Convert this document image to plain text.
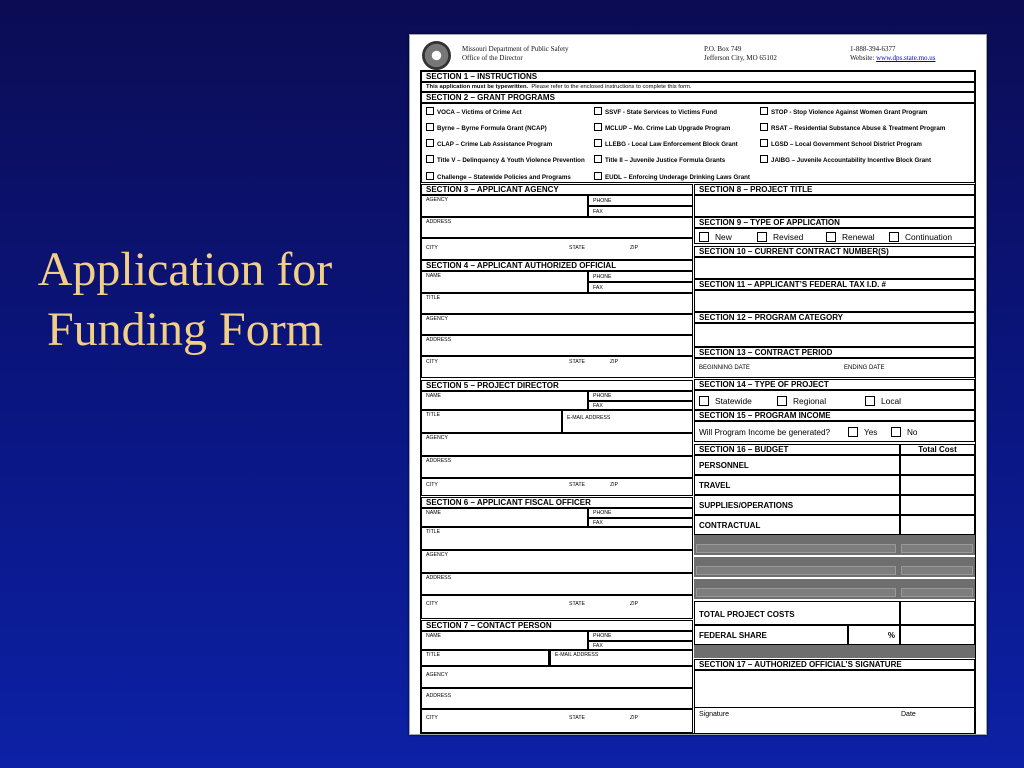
Application for
Funding Form
Missouri Department of Public Safety
Office of the Director
P.O. Box 749
Jefferson City, MO 65102
1-888-394-6377
Website: www.dps.state.mo.us
SECTION 1 – INSTRUCTIONS
This application must be typewritten. Please refer to the enclosed instructions to complete this form.
SECTION 2 – GRANT PROGRAMS
VOCA – Victims of Crime Act	SSVF - State Services to Victims Fund	STOP - Stop Violence Against Women Grant Program
Byrne – Byrne Formula Grant (NCAP)	MCLUP – Mo. Crime Lab Upgrade Program	RSAT – Residential Substance Abuse & Treatment Program
CLAP – Crime Lab Assistance Program	LLEBG - Local Law Enforcement Block Grant	LGSD – Local Government School District Program
Title V – Delinquency & Youth Violence Prevention	Title II – Juvenile Justice Formula Grants	JAIBG – Juvenile Accountability Incentive Block Grant
Challenge – Statewide Policies and Programs	EUDL – Enforcing Underage Drinking Laws Grant
SECTION 3 – APPLICANT AGENCY
AGENCY	PHONE
FAX
ADDRESS
CITY	STATE	ZIP
SECTION 4 – APPLICANT AUTHORIZED OFFICIAL
NAME	PHONE
FAX
TITLE
AGENCY
ADDRESS
CITY	STATE	ZIP
SECTION 5 – PROJECT DIRECTOR
NAME	PHONE
FAX
TITLE	E-MAIL ADDRESS
AGENCY
ADDRESS
CITY	STATE	ZIP
SECTION 6 – APPLICANT FISCAL OFFICER
NAME	PHONE
FAX
TITLE
AGENCY
ADDRESS
CITY	STATE	ZIP
SECTION 7 – CONTACT PERSON
NAME	PHONE
FAX
TITLE	E-MAIL ADDRESS
AGENCY
ADDRESS
CITY	STATE	ZIP
SECTION 8 – PROJECT TITLE
SECTION 9 – TYPE OF APPLICATION
New	Revised	Renewal	Continuation
SECTION 10 – CURRENT CONTRACT NUMBER(S)
SECTION 11 – APPLICANT’S FEDERAL TAX I.D. #
SECTION 12 – PROGRAM CATEGORY
SECTION 13 – CONTRACT PERIOD
BEGINNING DATE	ENDING DATE
SECTION 14 – TYPE OF PROJECT
Statewide	Regional	Local
SECTION 15 – PROGRAM INCOME
Will Program Income be generated?	Yes	No
SECTION 16 – BUDGET	Total Cost
PERSONNEL
TRAVEL
SUPPLIES/OPERATIONS
CONTRACTUAL
TOTAL PROJECT COSTS
FEDERAL SHARE	%
SECTION 17 – AUTHORIZED OFFICIAL’S SIGNATURE
Signature	Date
